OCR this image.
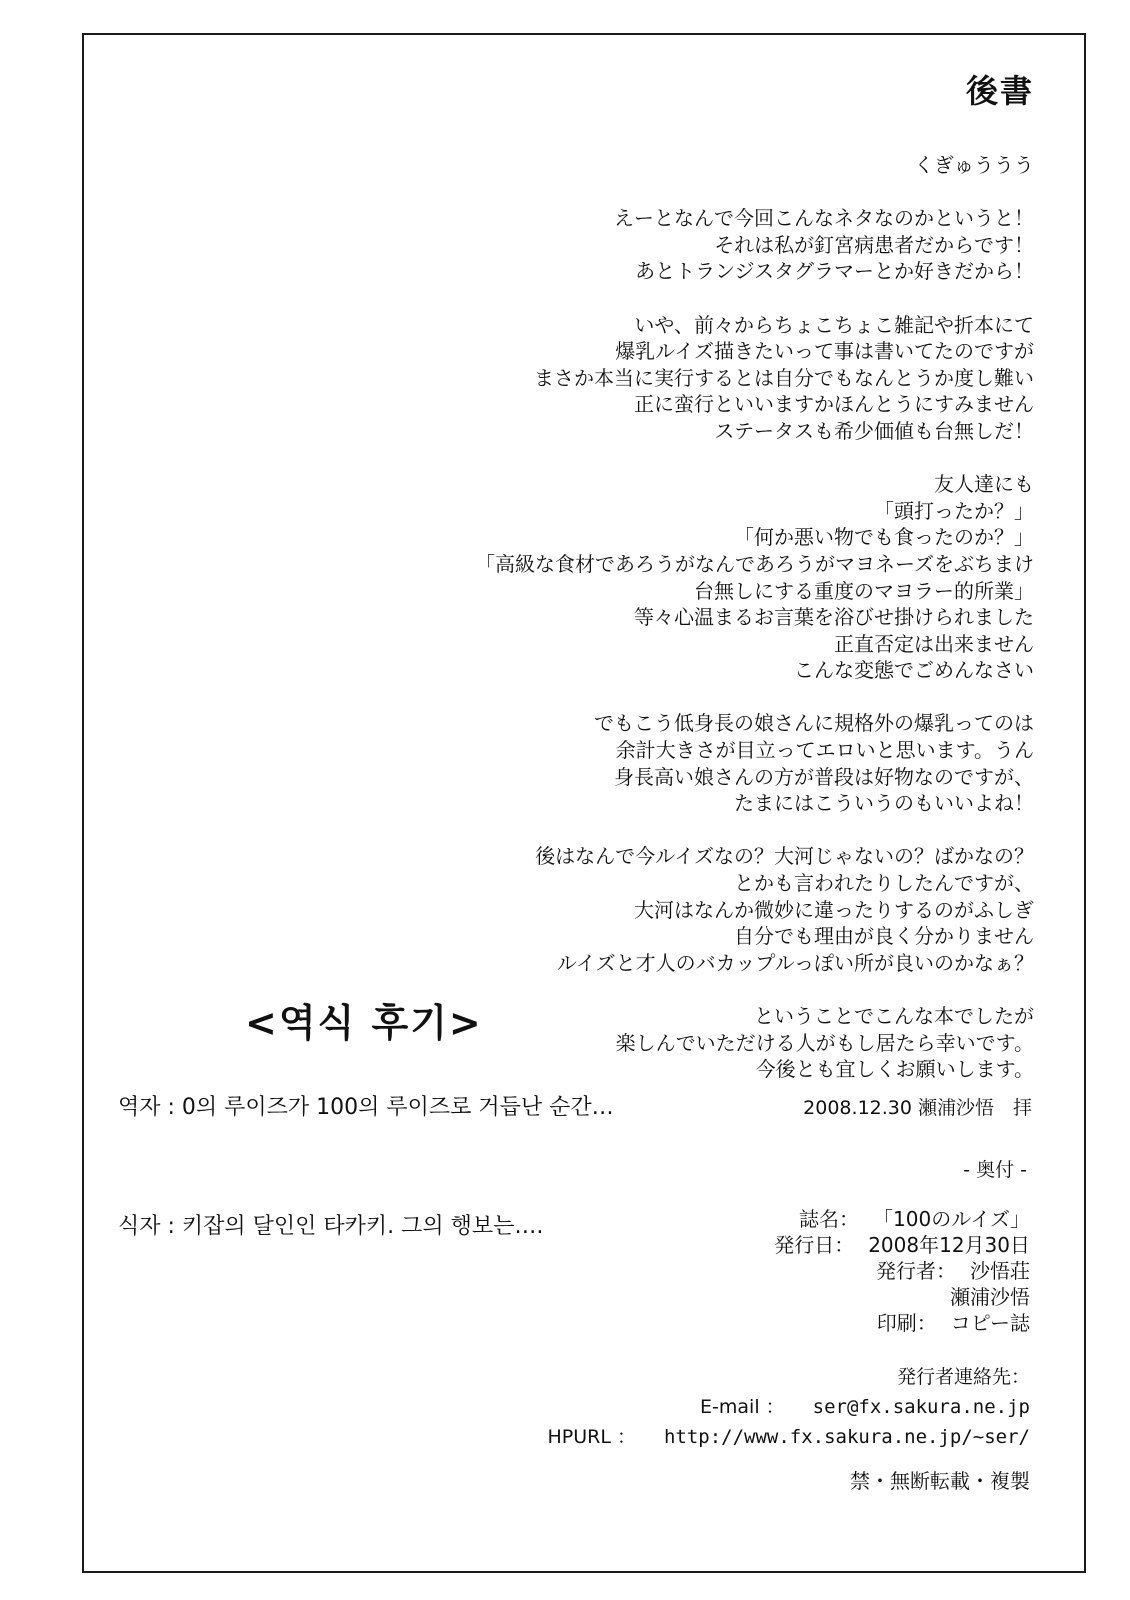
後書

くぎゅううう

えーとなんで今回こんなネタなのかというと！
それは私が釘宮病患者だからです！
あとトランジスタグラマーとか好きだから！

いや、前々からちょこちょこ雑記や折本にて
爆乳ルイズ描きたいって事は書いてたのですが
まさか本当に実行するとは自分でもなんとうか度し難い
正に蛮行といいますかほんとうにすみません
ステータスも希少価値も台無しだ！

友人達にも
「頭打ったか？」
「何か悪い物でも食ったのか？」
「高級な食材であろうがなんであろうがマヨネーズをぶちまけ
台無しにする重度のマヨラー的所業」
等々心温まるお言葉を浴びせ掛けられました
正直否定は出来ません
こんな変態でごめんなさい

でもこう低身長の娘さんに規格外の爆乳ってのは
余計大きさが目立ってエロいと思います。うん
身長高い娘さんの方が普段は好物なのですが、
たまにはこういうのもいいよね！

後はなんで今ルイズなの？大河じゃないの？ばかなの？
とかも言われたりしたんですが、
大河はなんか微妙に違ったりするのがふしぎ
自分でも理由が良く分かりません
ルイズと才人のバカップルっぽい所が良いのかなぁ？

ということでこんな本でしたが
楽しんでいただける人がもし居たら幸いです。
今後とも宜しくお願いします。

<역식 후기>
역자 : 0의 루이즈가 100의 루이즈로 거듭난 순간…
식자 : 키잡의 달인인 타카키. 그의 행보는….
2008.12.30 瀬浦沙悟　拝
- 奥付 -
誌名： 「100のルイズ」
発行日： 2008年12月30日
発行者： 沙悟荘
瀬浦沙悟
印刷： コピー誌
発行者連絡先：
E-mail ： ser@fx.sakura.ne.jp
HPURL ： http://www.fx.sakura.ne.jp/~ser/
禁・無断転載・複製
